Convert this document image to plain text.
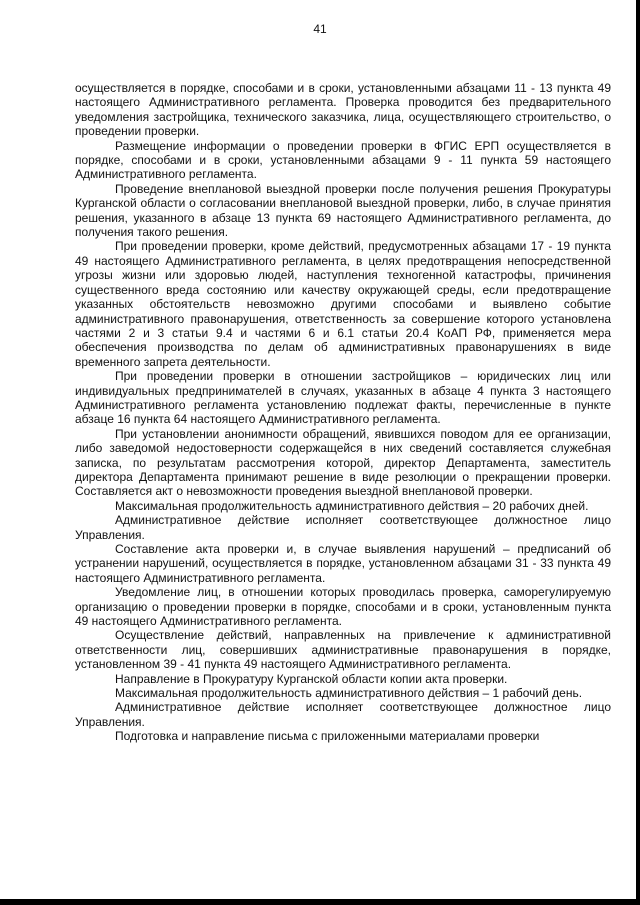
41

осуществляется в порядке, способами и в сроки, установленными абзацами 11 - 13 пункта 49 настоящего Административного регламента. Проверка проводится без предварительного уведомления застройщика, технического заказчика, лица, осуществляющего строительство, о проведении проверки.

Размещение информации о проведении проверки в ФГИС ЕРП осуществляется в порядке, способами и в сроки, установленными абзацами 9 - 11 пункта 59 настоящего Административного регламента.

Проведение внеплановой выездной проверки после получения решения Прокуратуры Курганской области о согласовании внеплановой выездной проверки, либо, в случае принятия решения, указанного в абзаце 13 пункта 69 настоящего Административного регламента, до получения такого решения.

При проведении проверки, кроме действий, предусмотренных абзацами 17 - 19 пункта 49 настоящего Административного регламента, в целях предотвращения непосредственной угрозы жизни или здоровью людей, наступления техногенной катастрофы, причинения существенного вреда состоянию или качеству окружающей среды, если предотвращение указанных обстоятельств невозможно другими способами и выявлено событие административного правонарушения, ответственность за совершение которого установлена частями 2 и 3 статьи 9.4 и частями 6 и 6.1 статьи 20.4 КоАП РФ, применяется мера обеспечения производства по делам об административных правонарушениях в виде временного запрета деятельности.

При проведении проверки в отношении застройщиков – юридических лиц или индивидуальных предпринимателей в случаях, указанных в абзаце 4 пункта 3 настоящего Административного регламента установлению подлежат факты, перечисленные в пункте абзаце 16 пункта 64 настоящего Административного регламента.

При установлении анонимности обращений, явившихся поводом для ее организации, либо заведомой недостоверности содержащейся в них сведений составляется служебная записка, по результатам рассмотрения которой, директор Департамента, заместитель директора Департамента принимают решение в виде резолюции о прекращении проверки. Составляется акт о невозможности проведения выездной внеплановой проверки.

Максимальная продолжительность административного действия – 20 рабочих дней.

Административное действие исполняет соответствующее должностное лицо Управления.

Составление акта проверки и, в случае выявления нарушений – предписаний об устранении нарушений, осуществляется в порядке, установленном абзацами 31 - 33 пункта 49 настоящего Административного регламента.

Уведомление лиц, в отношении которых проводилась проверка, саморегулируемую организацию о проведении проверки в порядке, способами и в сроки, установленным пункта 49 настоящего Административного регламента.

Осуществление действий, направленных на привлечение к административной ответственности лиц, совершивших административные правонарушения в порядке, установленном 39 - 41 пункта 49 настоящего Административного регламента.

Направление в Прокуратуру Курганской области копии акта проверки.

Максимальная продолжительность административного действия – 1 рабочий день.

Административное действие исполняет соответствующее должностное лицо Управления.

Подготовка и направление письма с приложенными материалами проверки
